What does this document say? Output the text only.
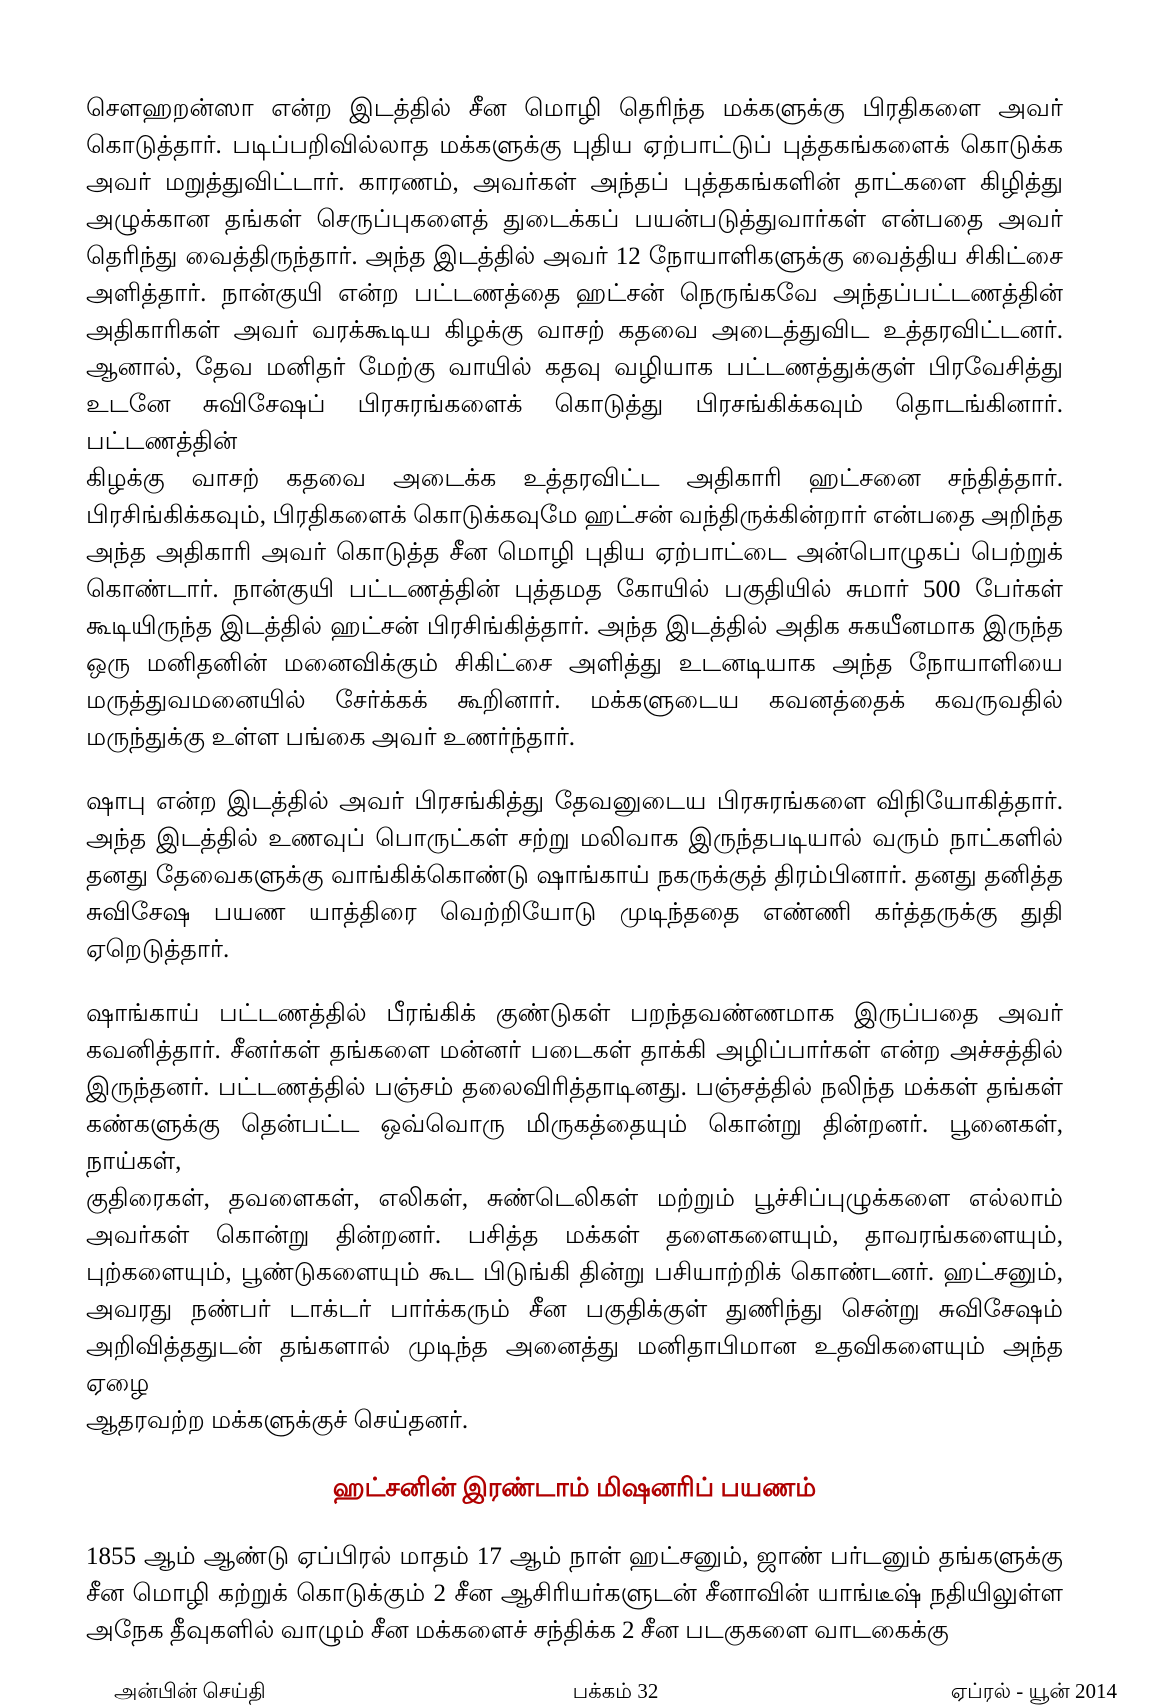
சௌஹறன்ஸா என்ற இடத்தில் சீன மொழி தெரிந்த மக்களுக்கு பிரதிகளை அவர்
கொடுத்தார். படிப்பறிவில்லாத மக்களுக்கு புதிய ஏற்பாட்டுப் புத்தகங்களைக் கொடுக்க
அவர் மறுத்துவிட்டார். காரணம், அவர்கள் அந்தப் புத்தகங்களின் தாட்களை கிழித்து
அழுக்கான தங்கள் செருப்புகளைத் துடைக்கப் பயன்படுத்துவார்கள் என்பதை அவர்
தெரிந்து வைத்திருந்தார். அந்த இடத்தில் அவர் 12 நோயாளிகளுக்கு வைத்திய சிகிட்சை
அளித்தார். நான்குயி என்ற பட்டணத்தை ஹட்சன் நெருங்கவே அந்தப்பட்டணத்தின்
அதிகாரிகள் அவர் வரக்கூடிய கிழக்கு வாசற் கதவை அடைத்துவிட உத்தரவிட்டனர்.
ஆனால், தேவ மனிதர் மேற்கு வாயில் கதவு வழியாக பட்டணத்துக்குள் பிரவேசித்து
உடனே சுவிசேஷப் பிரசுரங்களைக் கொடுத்து பிரசங்கிக்கவும் தொடங்கினார். பட்டணத்தின்
கிழக்கு வாசற் கதவை அடைக்க உத்தரவிட்ட அதிகாரி ஹட்சனை சந்தித்தார்.
பிரசிங்கிக்கவும், பிரதிகளைக் கொடுக்கவுமே ஹட்சன் வந்திருக்கின்றார் என்பதை அறிந்த
அந்த அதிகாரி அவர் கொடுத்த சீன மொழி புதிய ஏற்பாட்டை அன்பொழுகப் பெற்றுக்
கொண்டார். நான்குயி பட்டணத்தின் புத்தமத கோயில் பகுதியில் சுமார் 500 பேர்கள்
கூடியிருந்த இடத்தில் ஹட்சன் பிரசிங்கித்தார். அந்த இடத்தில் அதிக சுகயீனமாக இருந்த
ஒரு மனிதனின் மனைவிக்கும் சிகிட்சை அளித்து உடனடியாக அந்த நோயாளியை
மருத்துவமனையில் சேர்க்கக் கூறினார். மக்களுடைய கவனத்தைக் கவருவதில்
மருந்துக்கு உள்ள பங்கை அவர் உணர்ந்தார்.
ஷாபு என்ற இடத்தில் அவர் பிரசங்கித்து தேவனுடைய பிரசுரங்களை விநியோகித்தார்.
அந்த இடத்தில் உணவுப் பொருட்கள் சற்று மலிவாக இருந்தபடியால் வரும் நாட்களில்
தனது தேவைகளுக்கு வாங்கிக்கொண்டு ஷாங்காய் நகருக்குத் திரம்பினார். தனது தனித்த
சுவிசேஷ பயண யாத்திரை வெற்றியோடு முடிந்ததை எண்ணி கர்த்தருக்கு துதி
ஏறெடுத்தார்.
ஷாங்காய் பட்டணத்தில் பீரங்கிக் குண்டுகள் பறந்தவண்ணமாக இருப்பதை அவர்
கவனித்தார். சீனர்கள் தங்களை மன்னர் படைகள் தாக்கி அழிப்பார்கள் என்ற அச்சத்தில்
இருந்தனர். பட்டணத்தில் பஞ்சம் தலைவிரித்தாடினது. பஞ்சத்தில் நலிந்த மக்கள் தங்கள்
கண்களுக்கு தென்பட்ட ஒவ்வொரு மிருகத்தையும் கொன்று தின்றனர். பூனைகள், நாய்கள்,
குதிரைகள், தவளைகள், எலிகள், சுண்டெலிகள் மற்றும் பூச்சிப்புழுக்களை எல்லாம்
அவர்கள் கொன்று தின்றனர். பசித்த மக்கள் தளைகளையும், தாவரங்களையும்,
புற்களையும், பூண்டுகளையும் கூட பிடுங்கி தின்று பசியாற்றிக் கொண்டனர். ஹட்சனும்,
அவரது நண்பர் டாக்டர் பார்க்கரும் சீன பகுதிக்குள் துணிந்து சென்று சுவிசேஷம்
அறிவித்ததுடன் தங்களால் முடிந்த அனைத்து மனிதாபிமான உதவிகளையும் அந்த ஏழை
ஆதரவற்ற மக்களுக்குச் செய்தனர்.
ஹட்சனின் இரண்டாம் மிஷனரிப் பயணம்
1855 ஆம் ஆண்டு ஏப்பிரல் மாதம் 17 ஆம் நாள் ஹட்சனும், ஜாண் பர்டனும் தங்களுக்கு
சீன மொழி கற்றுக் கொடுக்கும் 2 சீன ஆசிரியர்களுடன் சீனாவின் யாங்டீஷ் நதியிலுள்ள
அநேக தீவுகளில் வாழும் சீன மக்களைச் சந்திக்க 2 சீன படகுகளை வாடகைக்கு
அன்பின் செய்தி	பக்கம் 32	ஏப்ரல் - யூன் 2014
